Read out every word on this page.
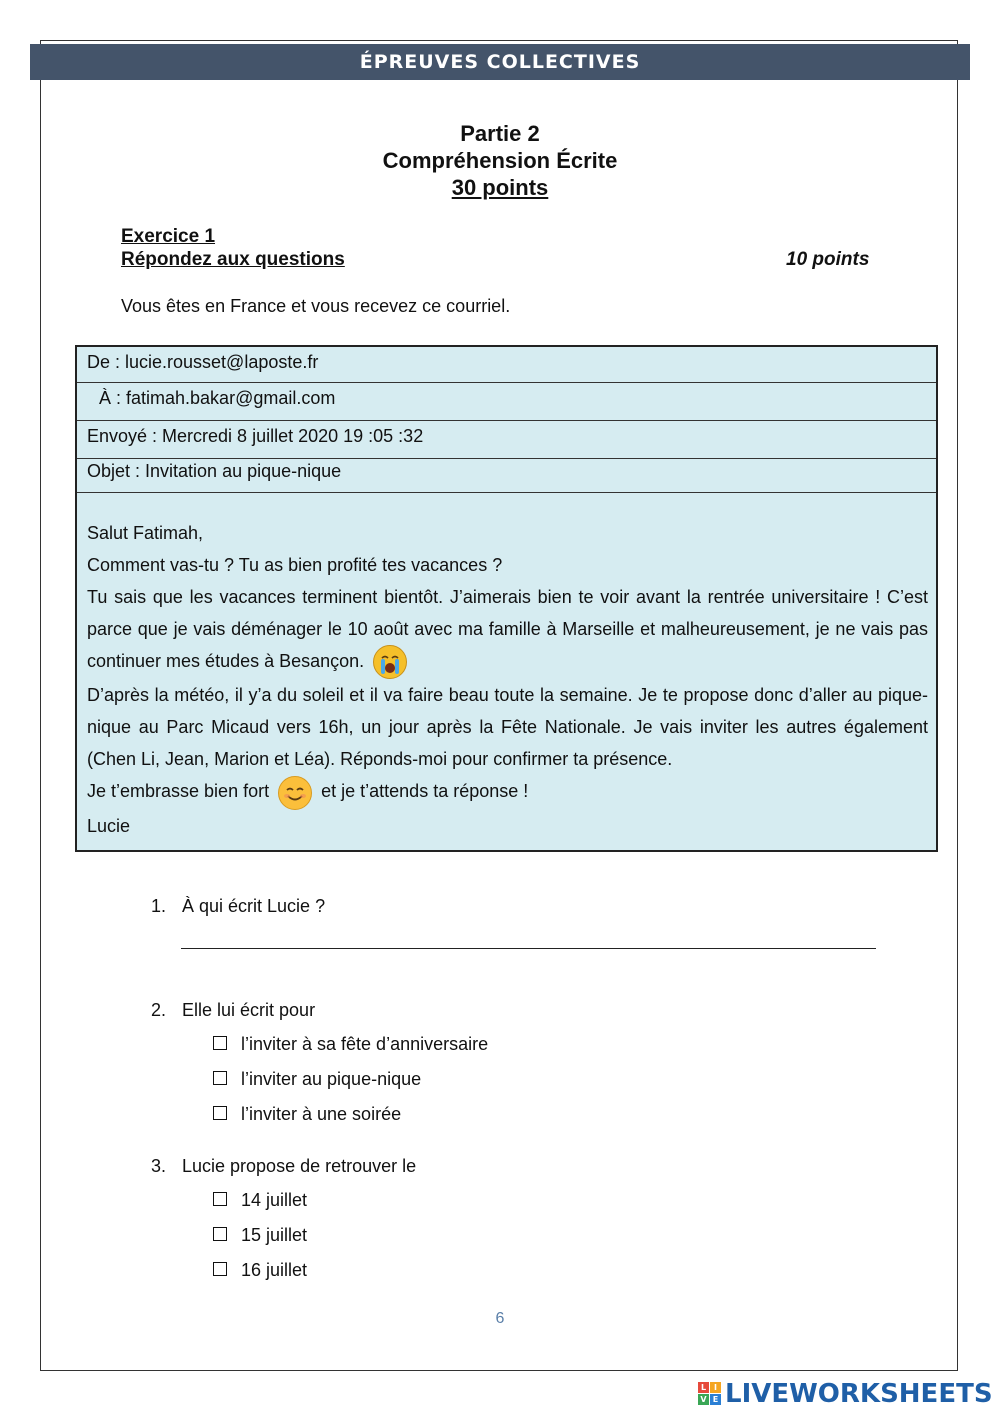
ÉPREUVES COLLECTIVES
Partie 2
Compréhension Écrite
30 points
Exercice 1
Répondez aux questions	10 points
Vous êtes en France et vous recevez ce courriel.
De : lucie.rousset@laposte.fr
À : fatimah.bakar@gmail.com
Envoyé : Mercredi 8 juillet 2020 19 :05 :32
Objet : Invitation au pique-nique

Salut Fatimah,

Comment vas-tu ? Tu as bien profité tes vacances ?

Tu sais que les vacances terminent bientôt. J’aimerais bien te voir avant la rentrée universitaire ! C’est parce que je vais déménager le 10 août avec ma famille à Marseille et malheureusement, je ne vais pas continuer mes études à Besançon.

D’après la météo, il y’a du soleil et il va faire beau toute la semaine. Je te propose donc d’aller au pique-nique au Parc Micaud vers 16h, un jour après la Fête Nationale. Je vais inviter les autres également (Chen Li, Jean, Marion et Léa). Réponds-moi pour confirmer ta présence.

Je t’embrasse bien fort	et je t’attends ta réponse !

Lucie

1. À qui écrit Lucie ?
2. Elle lui écrit pour
l’inviter à sa fête d’anniversaire
l’inviter au pique-nique
l’inviter à une soirée
3. Lucie propose de retrouver le
14 juillet
15 juillet
16 juillet
6
L I
V E LIVEWORKSHEETS
